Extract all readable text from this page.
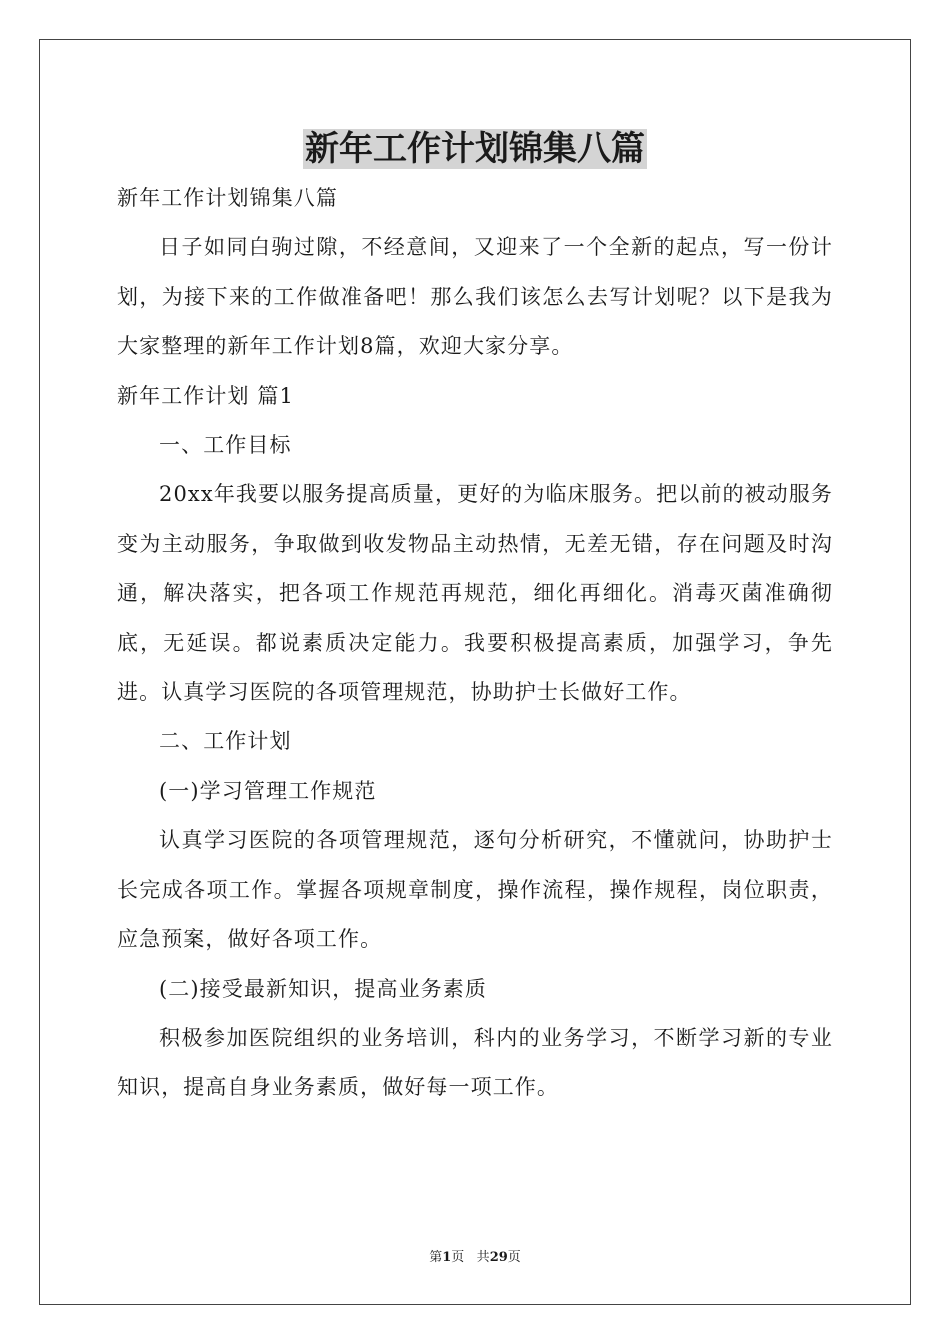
新年工作计划锦集八篇

新年工作计划锦集八篇

日子如同白驹过隙，不经意间，又迎来了一个全新的起点，写一份计划，为接下来的工作做准备吧！那么我们该怎么去写计划呢？以下是我为大家整理的新年工作计划8篇，欢迎大家分享。

新年工作计划 篇1

一、工作目标

20xx年我要以服务提高质量，更好的为临床服务。把以前的被动服务变为主动服务，争取做到收发物品主动热情，无差无错，存在问题及时沟通，解决落实，把各项工作规范再规范，细化再细化。消毒灭菌准确彻底，无延误。都说素质决定能力。我要积极提高素质，加强学习，争先进。认真学习医院的各项管理规范，协助护士长做好工作。

二、工作计划

(一)学习管理工作规范

认真学习医院的各项管理规范，逐句分析研究，不懂就问，协助护士长完成各项工作。掌握各项规章制度，操作流程，操作规程，岗位职责，应急预案，做好各项工作。

(二)接受最新知识，提高业务素质

积极参加医院组织的业务培训，科内的业务学习，不断学习新的专业知识，提高自身业务素质，做好每一项工作。

第1页 共29页
